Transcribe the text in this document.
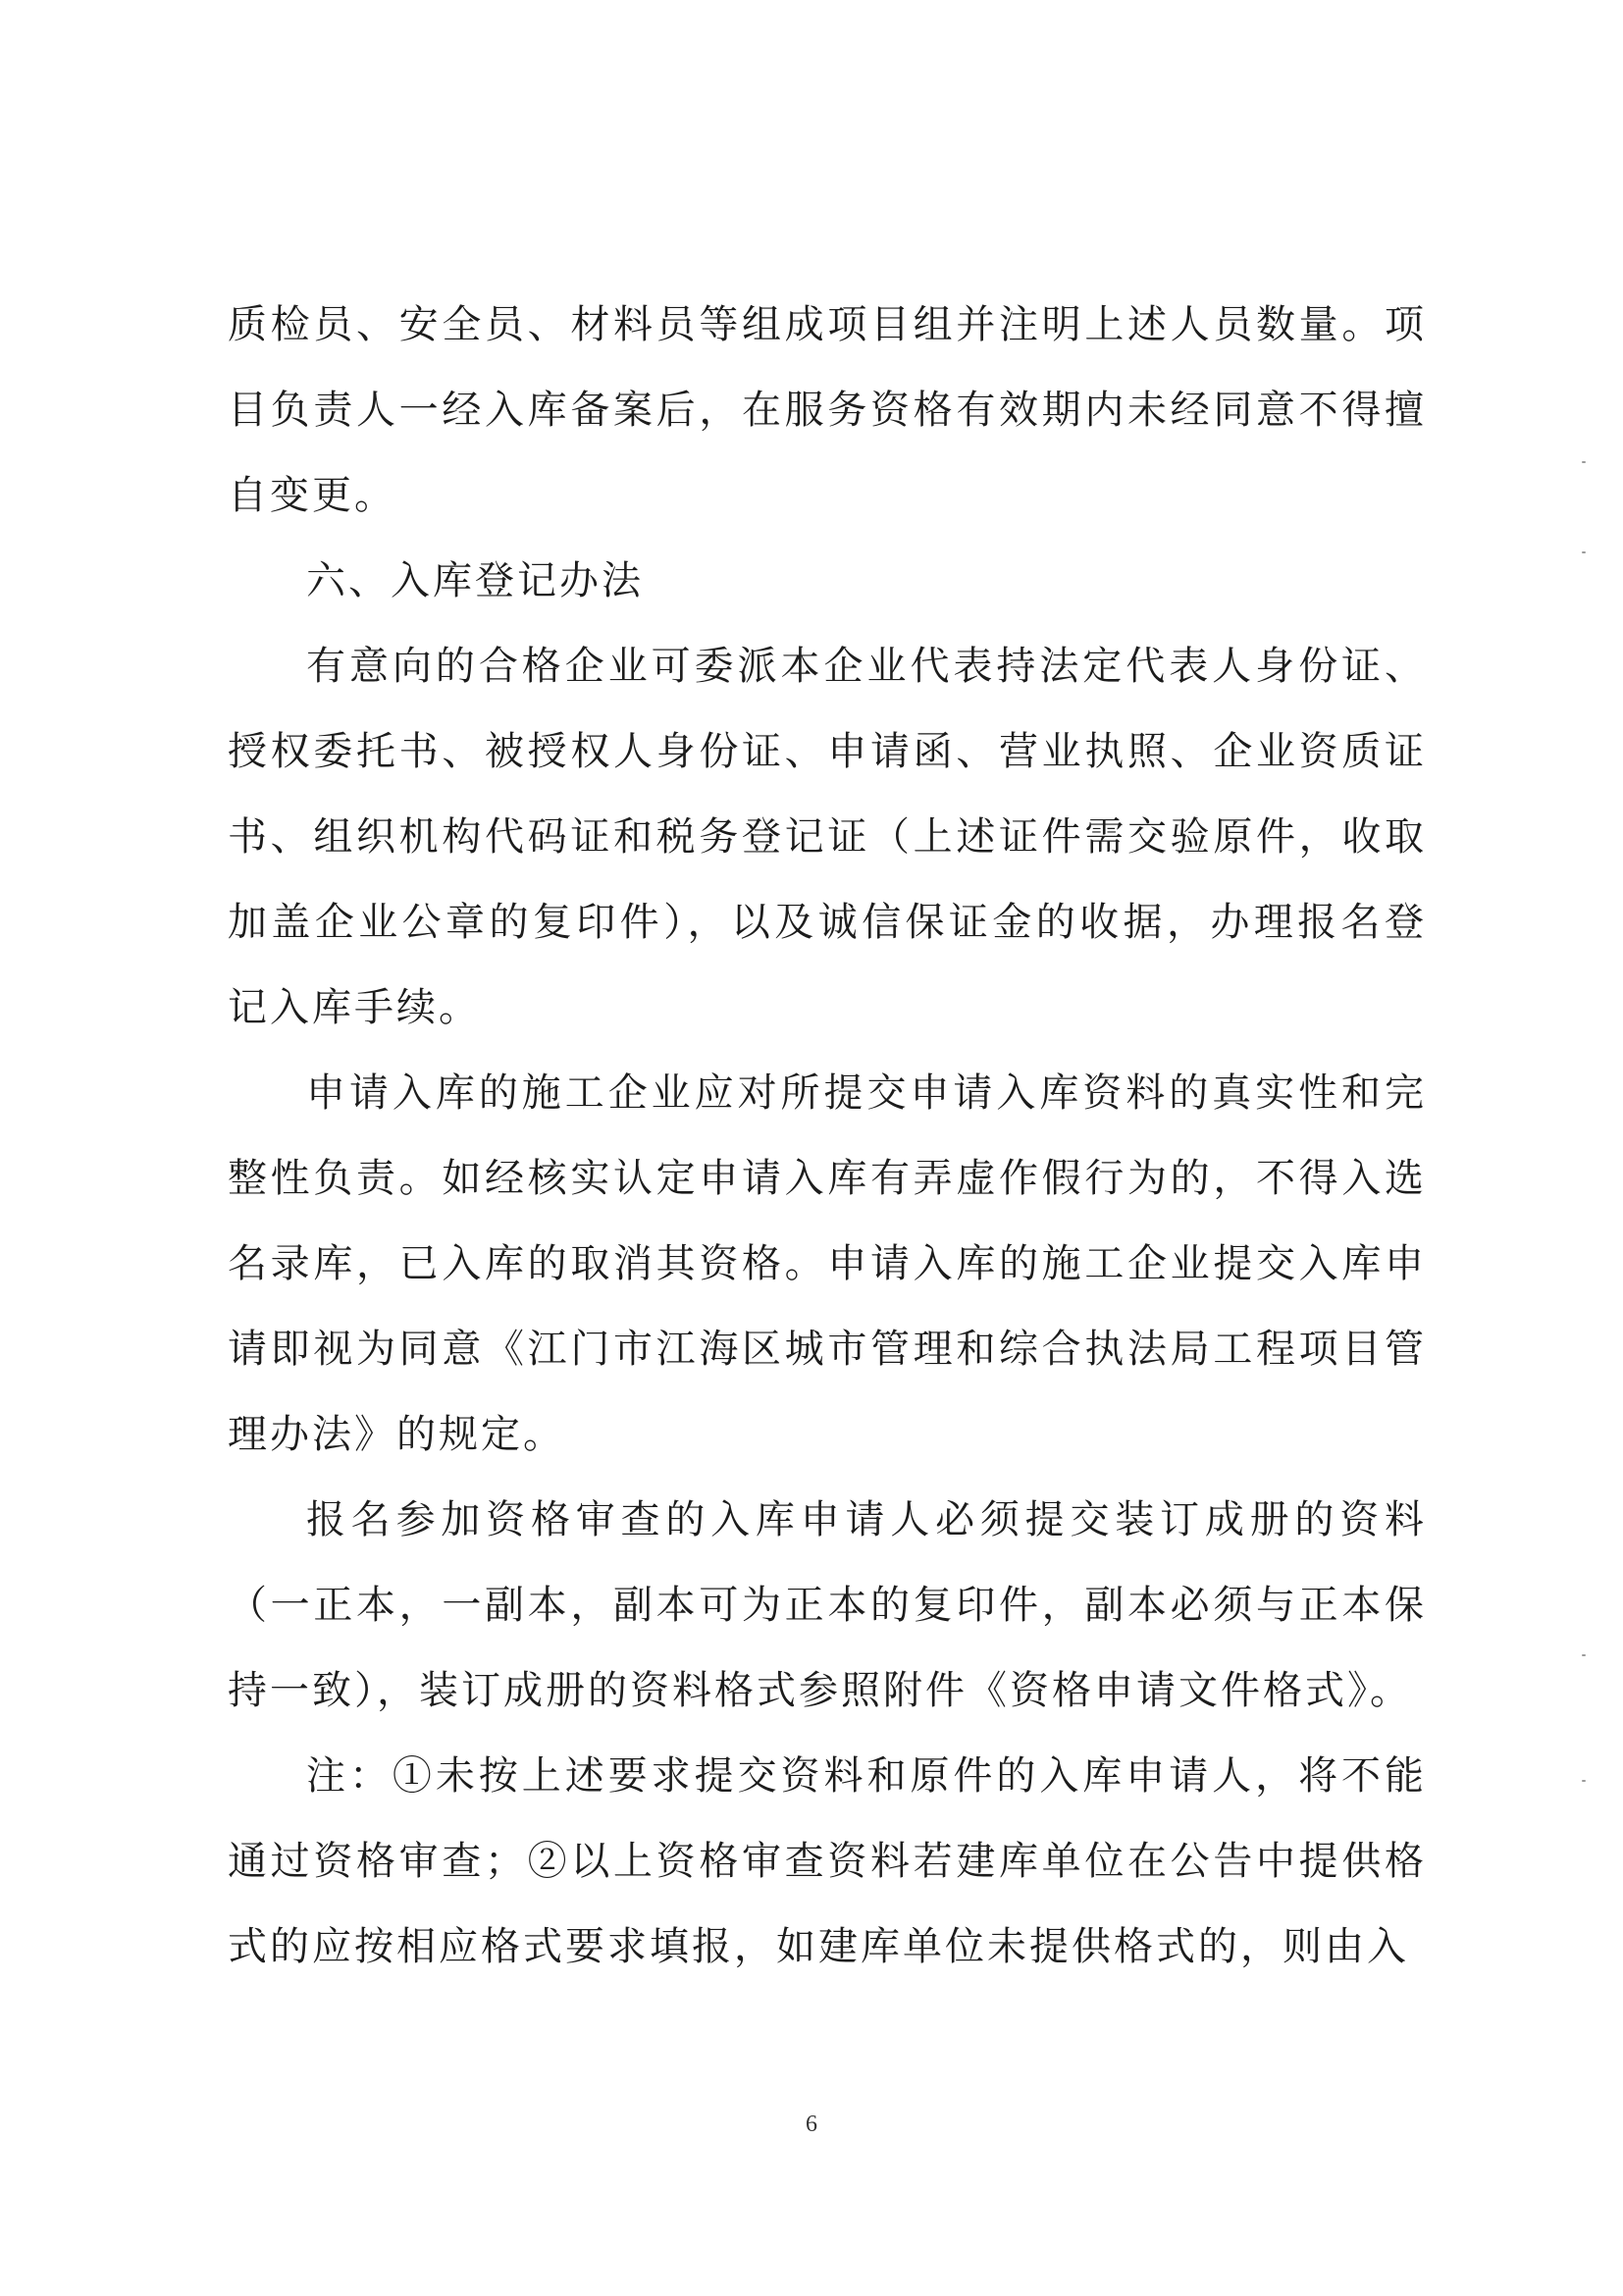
质检员、安全员、材料员等组成项目组并注明上述人员数量。项目负责人一经入库备案后，在服务资格有效期内未经同意不得擅自变更。

六、入库登记办法

有意向的合格企业可委派本企业代表持法定代表人身份证、授权委托书、被授权人身份证、申请函、营业执照、企业资质证书、组织机构代码证和税务登记证（上述证件需交验原件，收取加盖企业公章的复印件），以及诚信保证金的收据，办理报名登记入库手续。

申请入库的施工企业应对所提交申请入库资料的真实性和完整性负责。如经核实认定申请入库有弄虚作假行为的，不得入选名录库，已入库的取消其资格。申请入库的施工企业提交入库申请即视为同意《江门市江海区城市管理和综合执法局工程项目管理办法》的规定。

报名参加资格审查的入库申请人必须提交装订成册的资料（一正本，一副本，副本可为正本的复印件，副本必须与正本保持一致），装订成册的资料格式参照附件《资格申请文件格式》。

注：①未按上述要求提交资料和原件的入库申请人，将不能通过资格审查；②以上资格审查资料若建库单位在公告中提供格式的应按相应格式要求填报，如建库单位未提供格式的，则由入

6
